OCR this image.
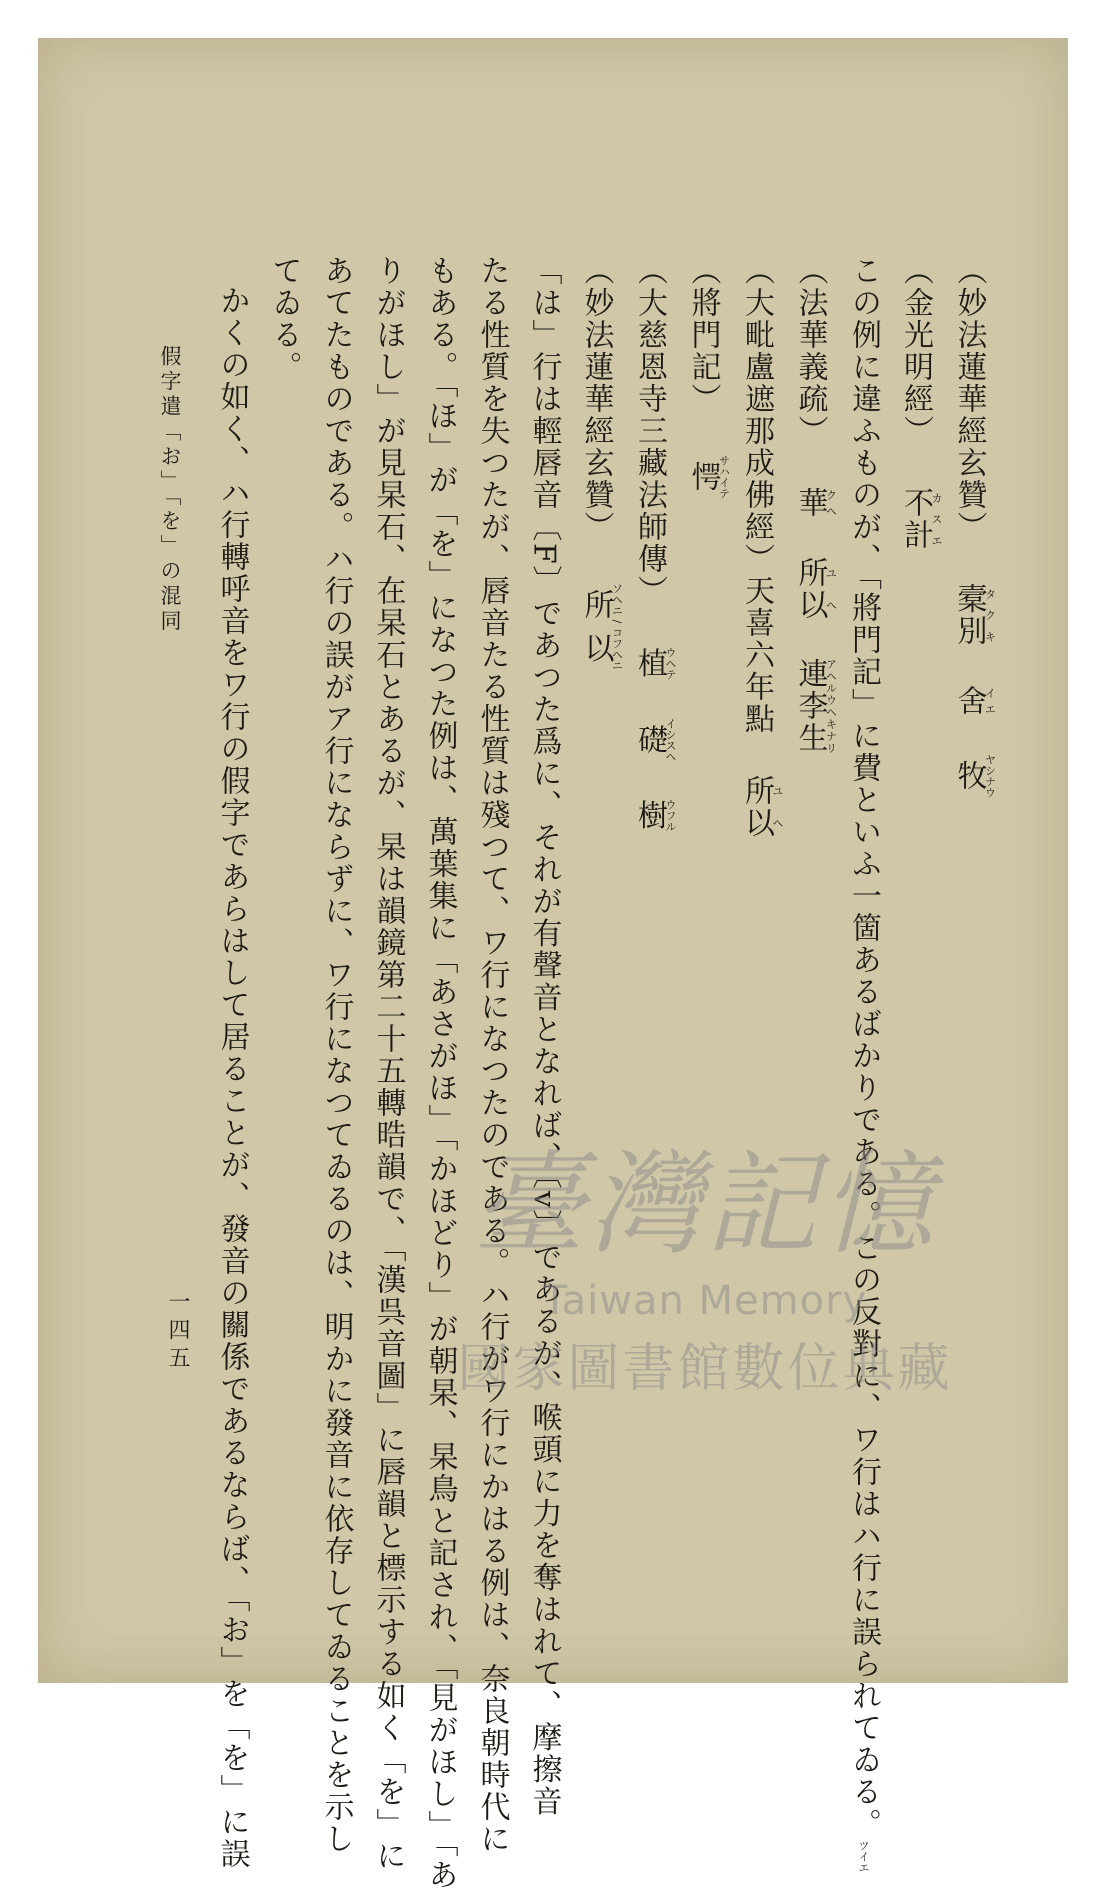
（妙法蓮華經玄贊）槖別タクキ 舍イエ 牧ヤシナウ
（金光明經）不計カスエ
この例に違ふものが、「將門記」に費といふ一箇あるばかりである。この反對に、ワ行はハ行に誤られてゐる。ツイエ
（法華義疏）華クヘ 所以ユヘ 連李生アヘルウヘキナリ
（大毗盧遮那成佛經）天喜六年點所以ユヘ
（將門記）愕サハイテ
（大慈恩寺三藏法師傳）植ウヘテ 礎イシスヘ 樹ウフル
（妙法蓮華經玄贊）所以ソヘニ / コフヘニ
「は」行は輕唇音〔F〕であつた爲に、それが有聲音となれば、〔v〕であるが、喉頭に力を奪はれて、摩擦音
たる性質を失つたが、唇音たる性質は殘つて、ワ行になつたのである。ハ行がワ行にかはる例は、奈良朝時代に
もある。「ほ」が「を」になつた例は、萬葉集に「あさがほ」「かほどり」が朝杲、杲鳥と記され、「見がほし」「あ
りがほし」が見杲石、在杲石とあるが、杲は韻鏡第二十五轉晧韻で、「漢呉音圖」に唇韻と標示する如く「を」に
あてたものである。ハ行の誤がア行にならずに、ワ行になつてゐるのは、明かに發音に依存してゐることを示し
てゐる。
かくの如く、ハ行轉呼音をワ行の假字であらはして居ることが、發音の關係であるならば、「お」を「を」に誤
假字遣「お」「を」の混同
一四五
臺灣記憶
Taiwan Memory
國家圖書館數位典藏
